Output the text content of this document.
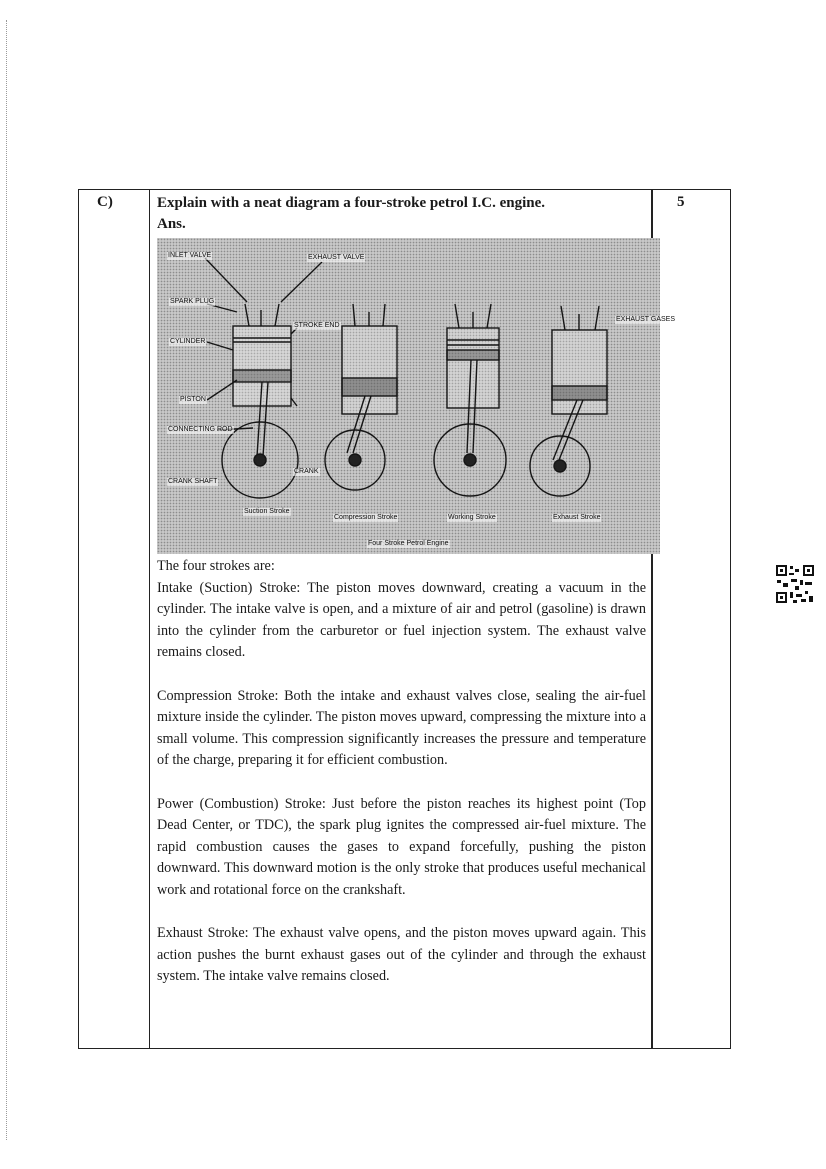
C)	5

Explain with a neat diagram a four-stroke petrol I.C. engine.

Ans.

INLET VALVE	EXHAUST VALVE
SPARK PLUG
CYLINDER
STROKE END
PISTON
CONNECTING ROD
CRANK
CRANK SHAFT
EXHAUST GASES
Suction Stroke
Compression Stroke	Working Stroke	Exhaust Stroke
Four Stroke Petrol Engine

The four strokes are:

Intake (Suction) Stroke: The piston moves downward, creating a vacuum in the cylinder. The intake valve is open, and a mixture of air and petrol (gasoline) is drawn into the cylinder from the carburetor or fuel injection system. The exhaust valve remains closed.

Compression Stroke: Both the intake and exhaust valves close, sealing the air-fuel mixture inside the cylinder. The piston moves upward, compressing the mixture into a small volume. This compression significantly increases the pressure and temperature of the charge, preparing it for efficient combustion.

Power (Combustion) Stroke: Just before the piston reaches its highest point (Top Dead Center, or TDC), the spark plug ignites the compressed air-fuel mixture. The rapid combustion causes the gases to expand forcefully, pushing the piston downward. This downward motion is the only stroke that produces useful mechanical work and rotational force on the crankshaft.

Exhaust Stroke: The exhaust valve opens, and the piston moves upward again. This action pushes the burnt exhaust gases out of the cylinder and through the exhaust system. The intake valve remains closed.
